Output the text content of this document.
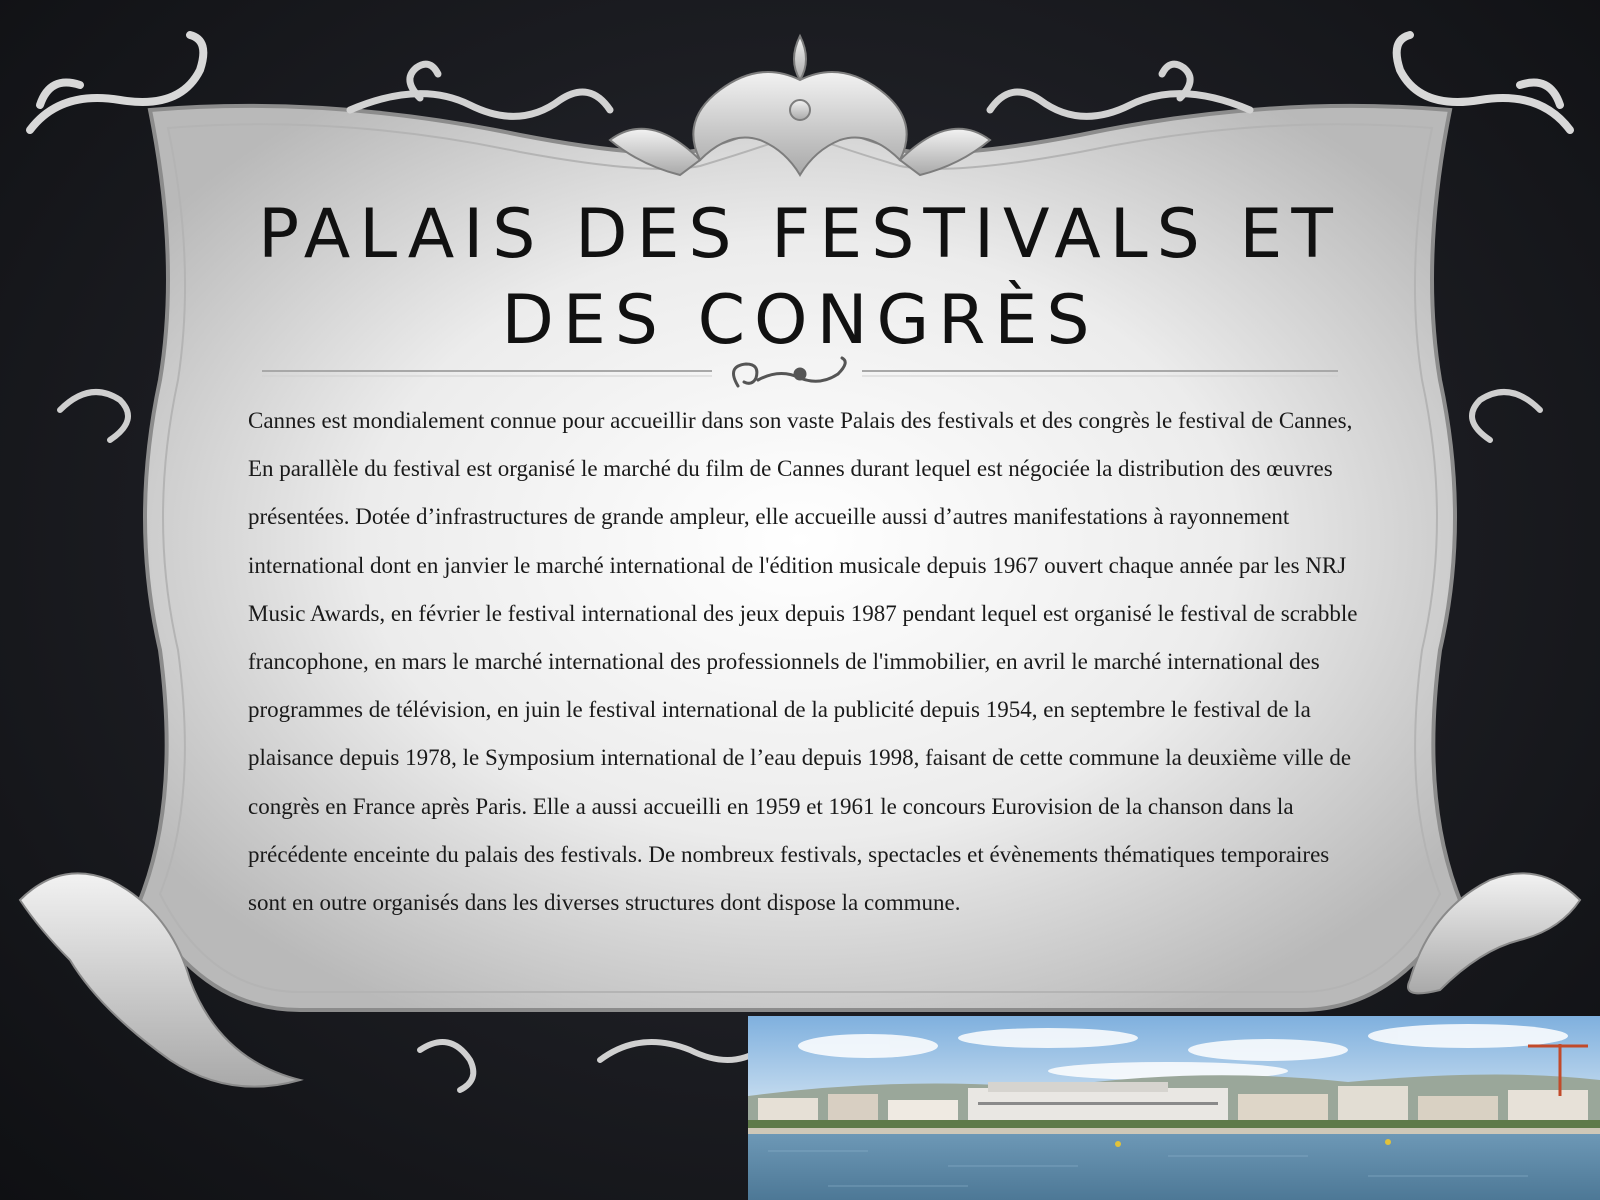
PALAIS DES FESTIVALS ET DES CONGRÈS

Cannes est mondialement connue pour accueillir dans son vaste Palais des festivals et des congrès le festival de Cannes, En parallèle du festival est organisé le marché du film de Cannes durant lequel est négociée la distribution des œuvres présentées. Dotée d’infrastructures de grande ampleur, elle accueille aussi d’autres manifestations à rayonnement international dont en janvier le marché international de l'édition musicale depuis 1967 ouvert chaque année par les NRJ Music Awards, en février le festival international des jeux depuis 1987 pendant lequel est organisé le festival de scrabble francophone, en mars le marché international des professionnels de l'immobilier, en avril le marché international des programmes de télévision, en juin le festival international de la publicité depuis 1954, en septembre le festival de la plaisance depuis 1978, le Symposium international de l’eau depuis 1998, faisant de cette commune la deuxième ville de congrès en France après Paris. Elle a aussi accueilli en 1959 et 1961 le concours Eurovision de la chanson dans la précédente enceinte du palais des festivals. De nombreux festivals, spectacles et évènements thématiques temporaires sont en outre organisés dans les diverses structures dont dispose la commune.
